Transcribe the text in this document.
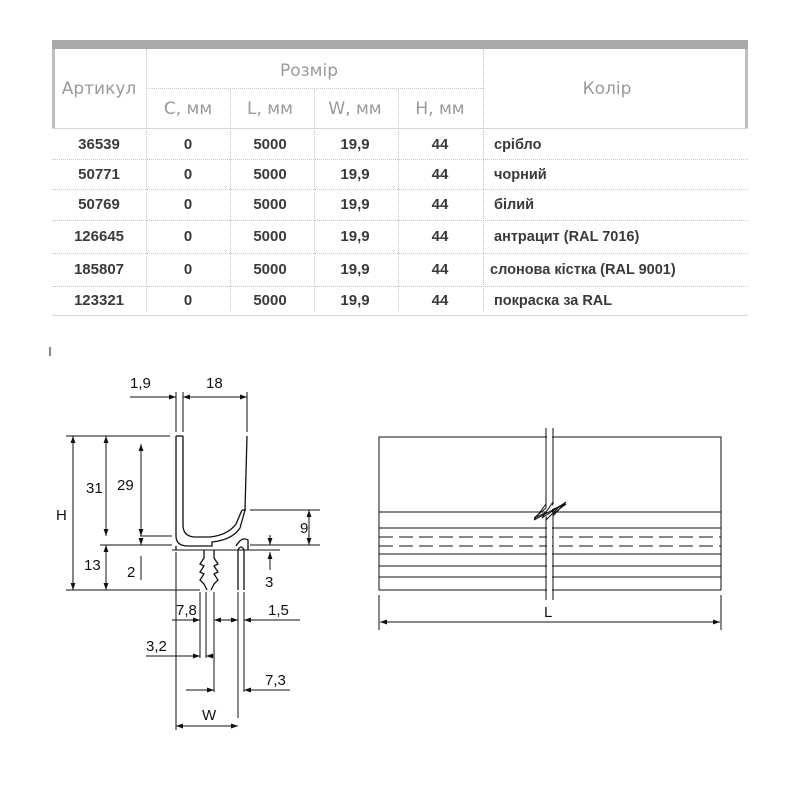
Артикул
Розмір
Колір
C, мм L, мм W, мм H, мм
36539	0	5000	19,9	44	срібло
50771	0	5000	19,9	44	чорний
50769	0	5000	19,9	44	білий
126645	0	5000	19,9	44	антрацит (RAL 7016)
185807	0	5000	19,9	44	слонова кістка (RAL 9001)
123321	0	5000	19,9	44	покраска за RAL
1,9	18
H
31 29
13 2
9
3
7,8	1,5
3,2
7,3
W
L
